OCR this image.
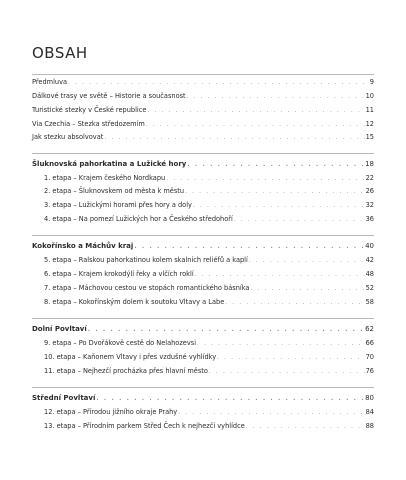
OBSAH
Předmluva . . .	9
Dálkové trasy ve světě – Historie a současnost . . .	10
Turistické stezky v České republice . . .	11
Via Czechia – Stezka středozemím . . .	12
Jak stezku absolvovat . . .	15
Šluknovská pahorkatina a Lužické hory . . .	18
1. etapa – Krajem českého Nordkapu . . .	22
2. etapa – Šluknovskem od města k městu . . .	26
3. etapa – Lužickými horami přes hory a doly . . .	32
4. etapa – Na pomezí Lužických hor a Českého středohoří . . .	36
Kokořínsko a Máchův kraj . . .	40
5. etapa – Ralskou pahorkatinou kolem skalních reliéfů a kaplí . . .	42
6. etapa – Krajem krokodýlí řeky a vlčích roklí . . .	48
7. etapa – Máchovou cestou ve stopách romantického básníka . . .	52
8. etapa – Kokořínským dolem k soutoku Vltavy a Labe . . .	58
Dolní Povltaví . . .	62
9. etapa – Po Dvořákově cestě do Nelahozevsi . . .	66
10. etapa – Kaňonem Vltavy i přes vzdušné vyhlídky . . .	70
11. etapa – Nejhezčí procházka přes hlavní město . . .	76
Střední Povltaví . . .	80
12. etapa – Přírodou jižního okraje Prahy . . .	84
13. etapa – Přírodním parkem Střed Čech k nejhezčí vyhlídce . . .	88
